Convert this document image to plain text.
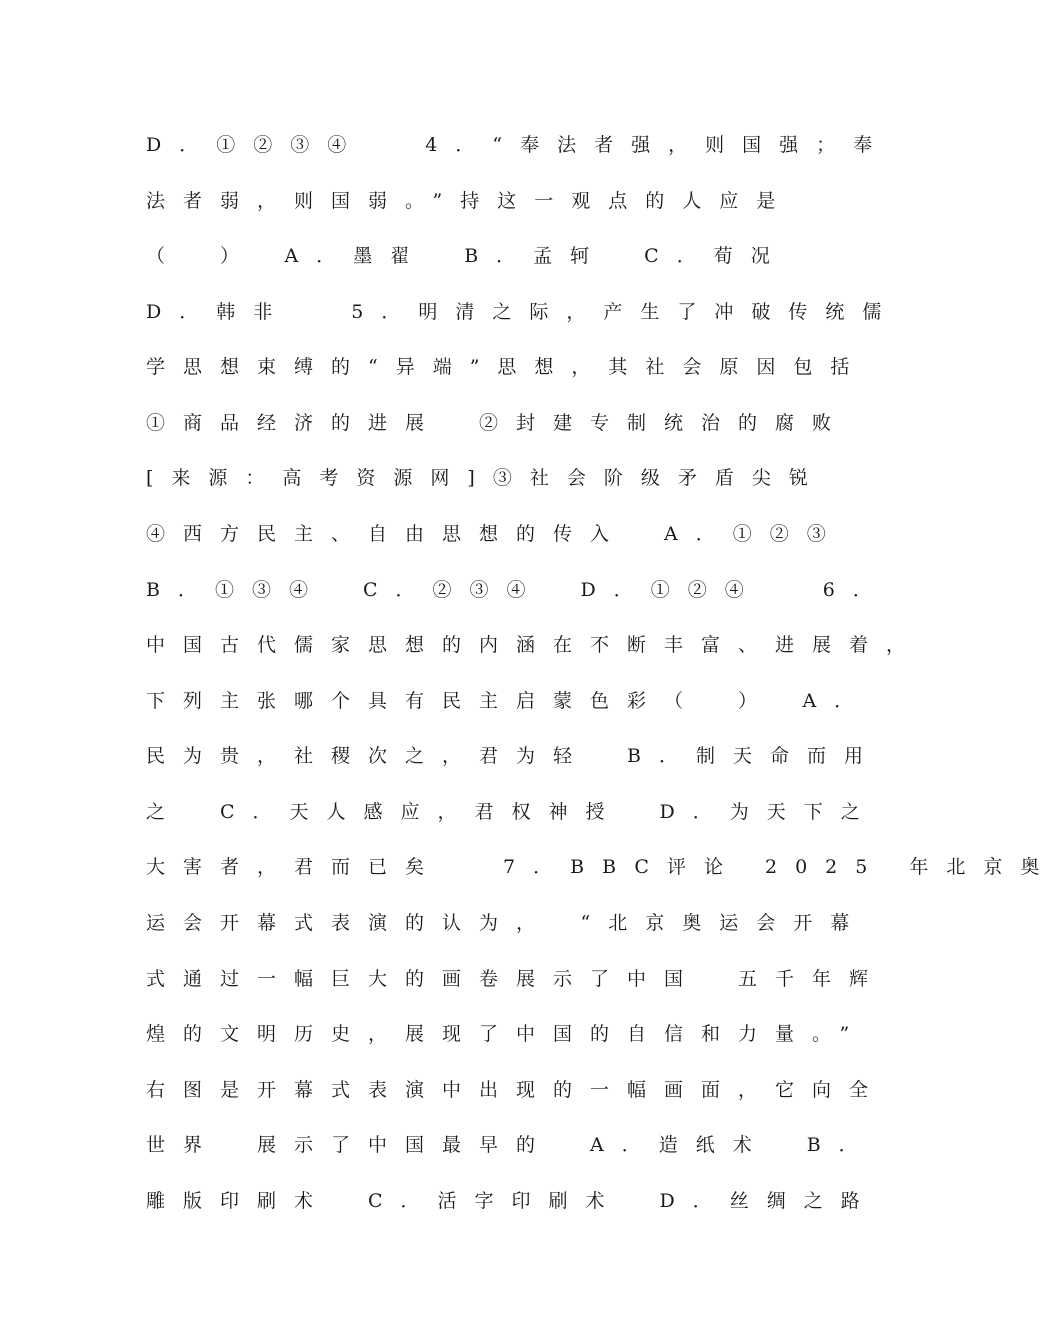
D．①②③④　 4．“奉法者强，则国强；奉
法者弱，则国弱。”持这一观点的人应是
（　）　A．墨翟　B．孟轲　C．荀况
D．韩非　 5．明清之际，产生了冲破传统儒
学思想束缚的“异端”思想，其社会原因包括
①商品经济的进展　②封建专制统治的腐败
[来源：高考资源网]③社会阶级矛盾尖锐
④西方民主、自由思想的传入　A．①②③
B．①③④　C．②③④　D．①②④　 6．
中国古代儒家思想的内涵在不断丰富、进展着，
下列主张哪个具有民主启蒙色彩（　）　A．
民为贵，社稷次之，君为轻　B．制天命而用
之　C．天人感应，君权神授　D．为天下之
大害者，君而已矣　 7．BBC评论 2025 年北京奥
运会开幕式表演的认为，　“北京奥运会开幕
式通过一幅巨大的画卷展示了中国　五千年辉
煌的文明历史，展现了中国的自信和力量。”
右图是开幕式表演中出现的一幅画面，它向全
世界　展示了中国最早的　A．造纸术　B．
雕版印刷术　C．活字印刷术　D．丝绸之路
